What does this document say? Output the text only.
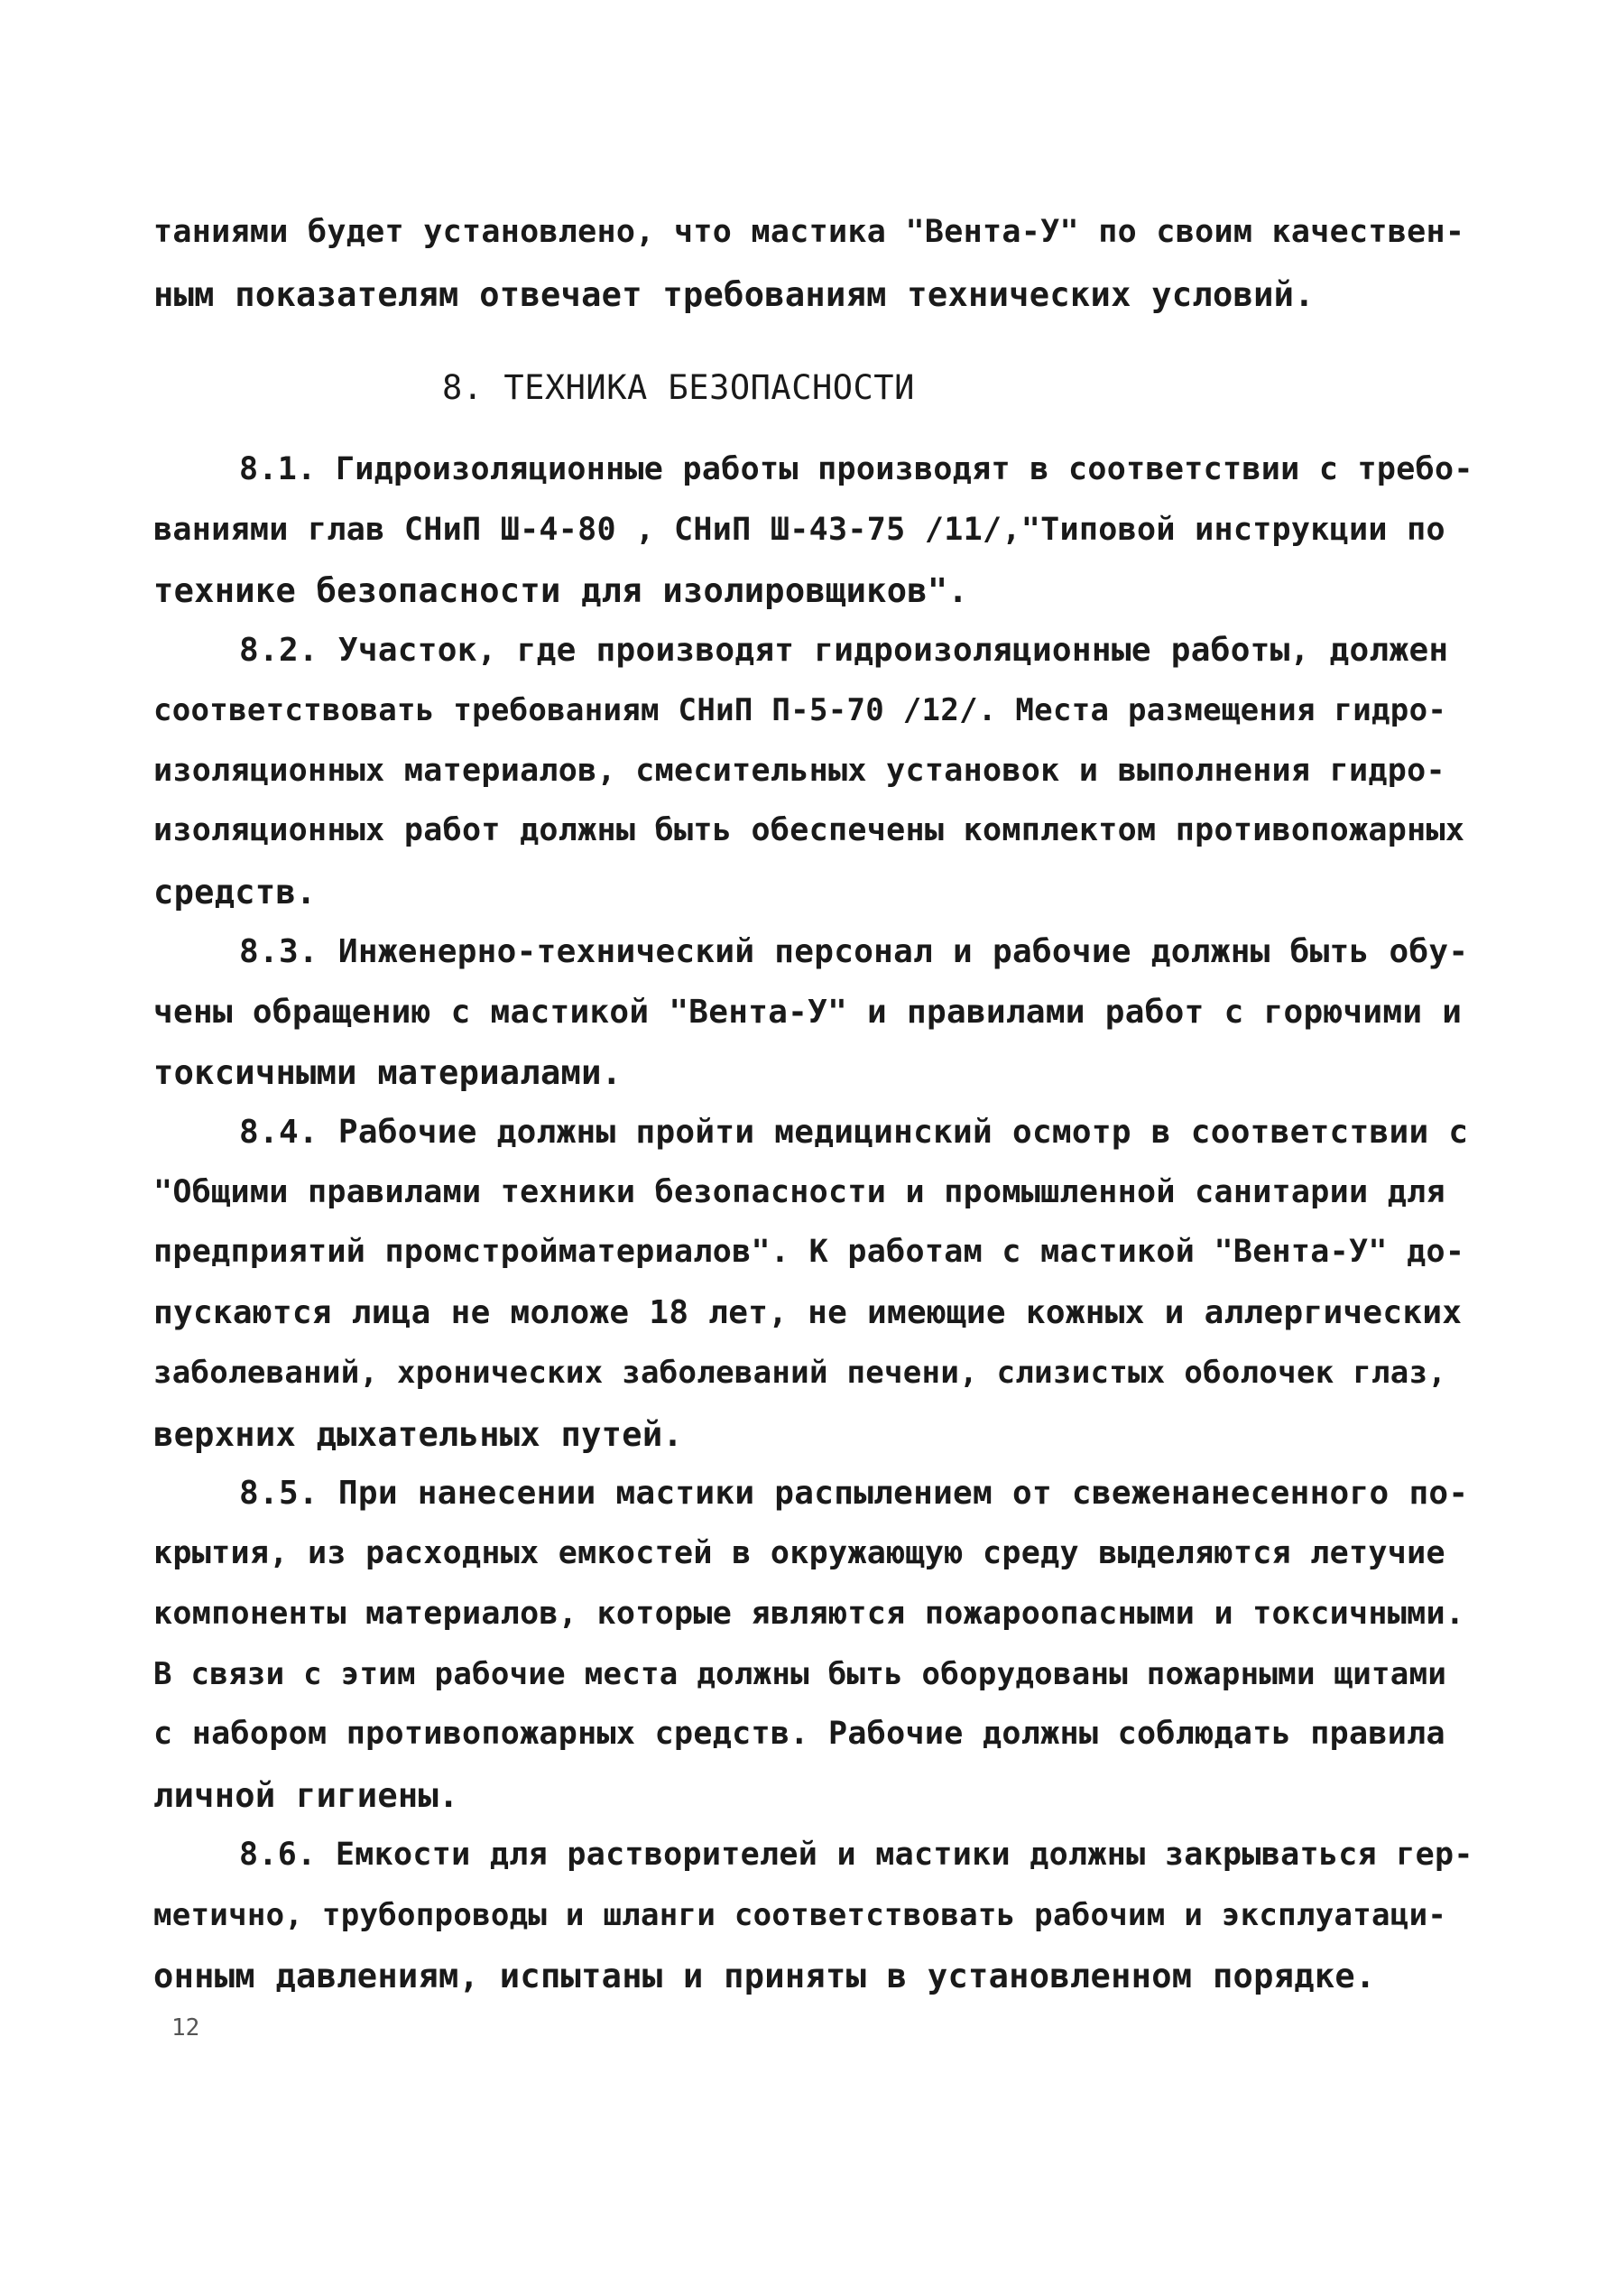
таниями будет установлено, что мастика "Вента-У" по своим качествен-
ным показателям отвечает требованиям технических условий.
8. ТЕХНИКА БЕЗОПАСНОСТИ
8.1. Гидроизоляционные работы производят в соответствии с требо-
ваниями глав СНиП Ш-4-80 , СНиП Ш-43-75 /11/,"Типовой инструкции по
технике безопасности для изолировщиков".
8.2. Участок, где производят гидроизоляционные работы, должен
соответствовать требованиям СНиП П-5-70 /12/. Места размещения гидро-
изоляционных материалов, смесительных установок и выполнения гидро-
изоляционных работ должны быть обеспечены комплектом противопожарных
средств.
8.3. Инженерно-технический персонал и рабочие должны быть обу-
чены обращению с мастикой "Вента-У" и правилами работ с горючими и
токсичными материалами.
8.4. Рабочие должны пройти медицинский осмотр в соответствии с
"Общими правилами техники безопасности и промышленной санитарии для
предприятий промстройматериалов". К работам с мастикой "Вента-У" до-
пускаются лица не моложе 18 лет, не имеющие кожных и аллергических
заболеваний, хронических заболеваний печени, слизистых оболочек глаз,
верхних дыхательных путей.
8.5. При нанесении мастики распылением от свеженанесенного по-
крытия, из расходных емкостей в окружающую среду выделяются летучие
компоненты материалов, которые являются пожароопасными и токсичными.
В связи с этим рабочие места должны быть оборудованы пожарными щитами
с набором противопожарных средств. Рабочие должны соблюдать правила
личной гигиены.
8.6. Емкости для растворителей и мастики должны закрываться гер-
метично, трубопроводы и шланги соответствовать рабочим и эксплуатаци-
онным давлениям, испытаны и приняты в установленном порядке.
12
